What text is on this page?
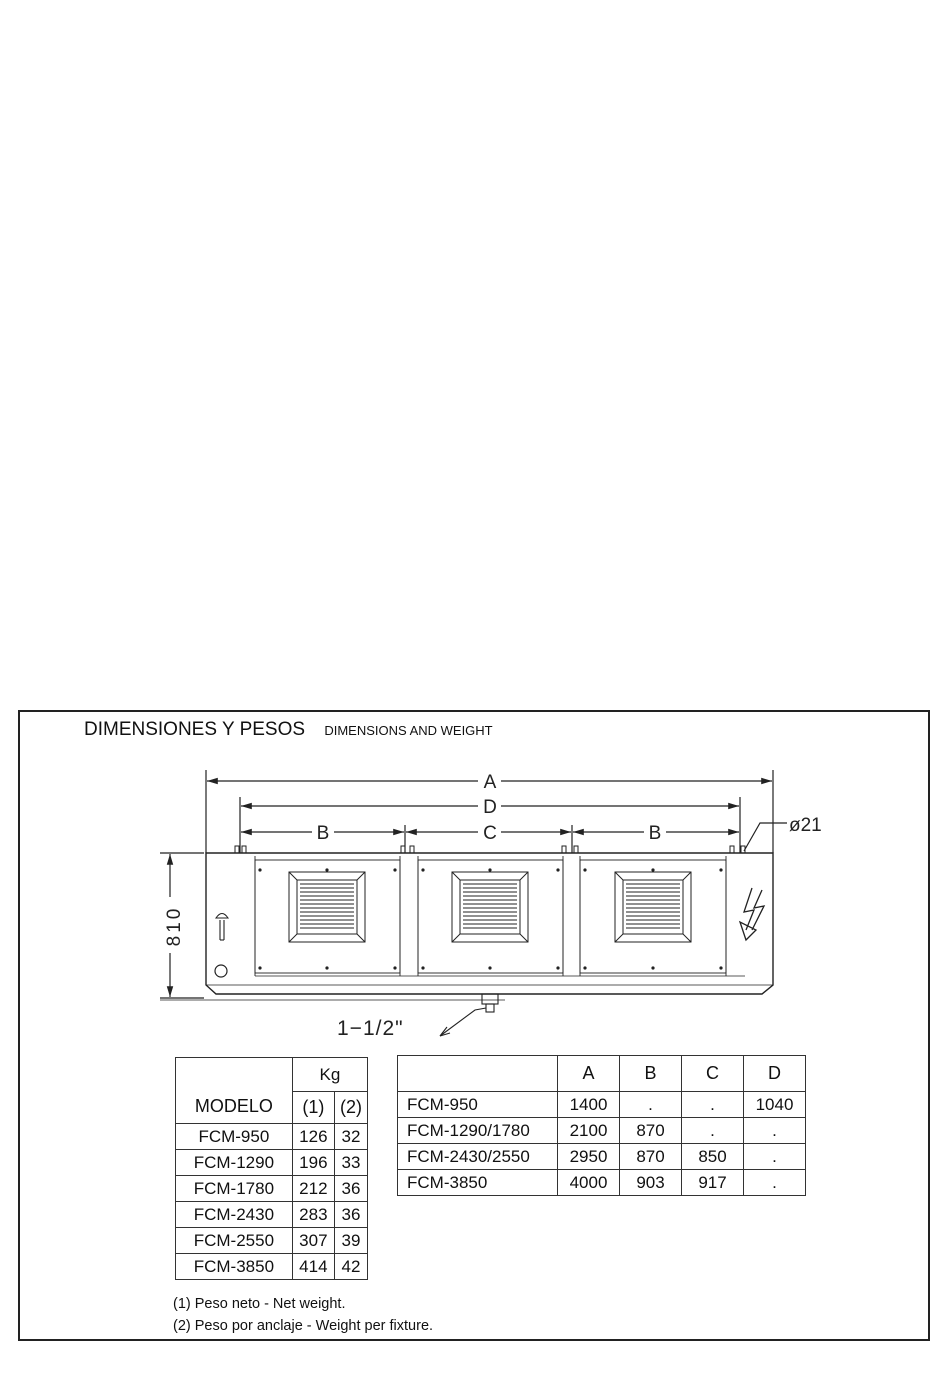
DIMENSIONES Y PESOS DIMENSIONS AND WEIGHT
A
D
B	C	B	ø21
810
1−1/2"
MODELO	Kg	
	(1)	(2)
FCM-950	126	32
FCM-1290	196	33
FCM-1780	212	36
FCM-2430	283	36
FCM-2550	307	39
FCM-3850	414	42
	A	B	C	D
FCM-950	1400	.	.	1040
FCM-1290/1780	2100	870	.	.
FCM-2430/2550	2950	870	850	.
FCM-3850	4000	903	917	.
(1) Peso neto - Net weight.
(2) Peso por anclaje - Weight per fixture.
